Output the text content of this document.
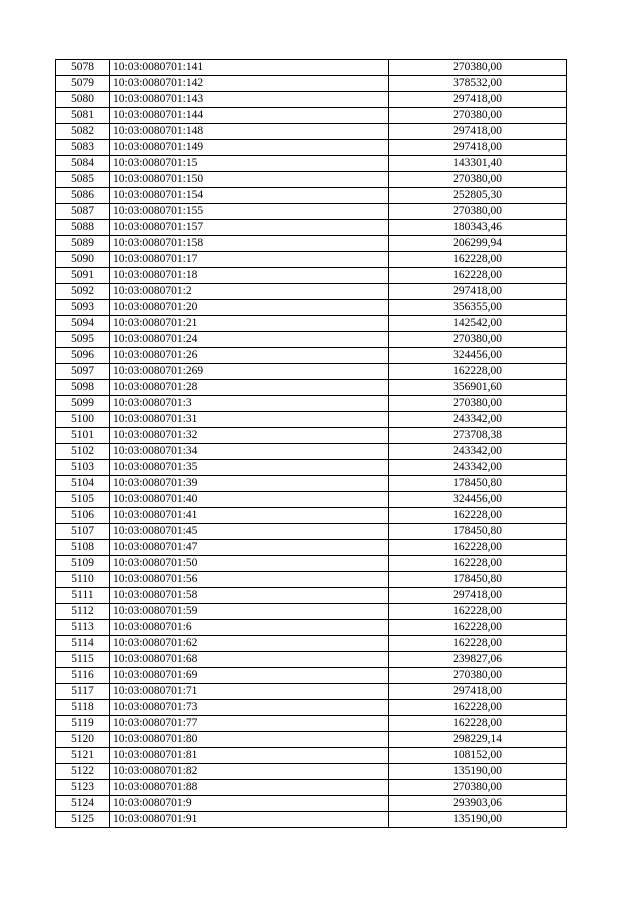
5078	10:03:0080701:141	270380,00
5079	10:03:0080701:142	378532,00
5080	10:03:0080701:143	297418,00
5081	10:03:0080701:144	270380,00
5082	10:03:0080701:148	297418,00
5083	10:03:0080701:149	297418,00
5084	10:03:0080701:15	143301,40
5085	10:03:0080701:150	270380,00
5086	10:03:0080701:154	252805,30
5087	10:03:0080701:155	270380,00
5088	10:03:0080701:157	180343,46
5089	10:03:0080701:158	206299,94
5090	10:03:0080701:17	162228,00
5091	10:03:0080701:18	162228,00
5092	10:03:0080701:2	297418,00
5093	10:03:0080701:20	356355,00
5094	10:03:0080701:21	142542,00
5095	10:03:0080701:24	270380,00
5096	10:03:0080701:26	324456,00
5097	10:03:0080701:269	162228,00
5098	10:03:0080701:28	356901,60
5099	10:03:0080701:3	270380,00
5100	10:03:0080701:31	243342,00
5101	10:03:0080701:32	273708,38
5102	10:03:0080701:34	243342,00
5103	10:03:0080701:35	243342,00
5104	10:03:0080701:39	178450,80
5105	10:03:0080701:40	324456,00
5106	10:03:0080701:41	162228,00
5107	10:03:0080701:45	178450,80
5108	10:03:0080701:47	162228,00
5109	10:03:0080701:50	162228,00
5110	10:03:0080701:56	178450,80
5111	10:03:0080701:58	297418,00
5112	10:03:0080701:59	162228,00
5113	10:03:0080701:6	162228,00
5114	10:03:0080701:62	162228,00
5115	10:03:0080701:68	239827,06
5116	10:03:0080701:69	270380,00
5117	10:03:0080701:71	297418,00
5118	10:03:0080701:73	162228,00
5119	10:03:0080701:77	162228,00
5120	10:03:0080701:80	298229,14
5121	10:03:0080701:81	108152,00
5122	10:03:0080701:82	135190,00
5123	10:03:0080701:88	270380,00
5124	10:03:0080701:9	293903,06
5125	10:03:0080701:91	135190,00
